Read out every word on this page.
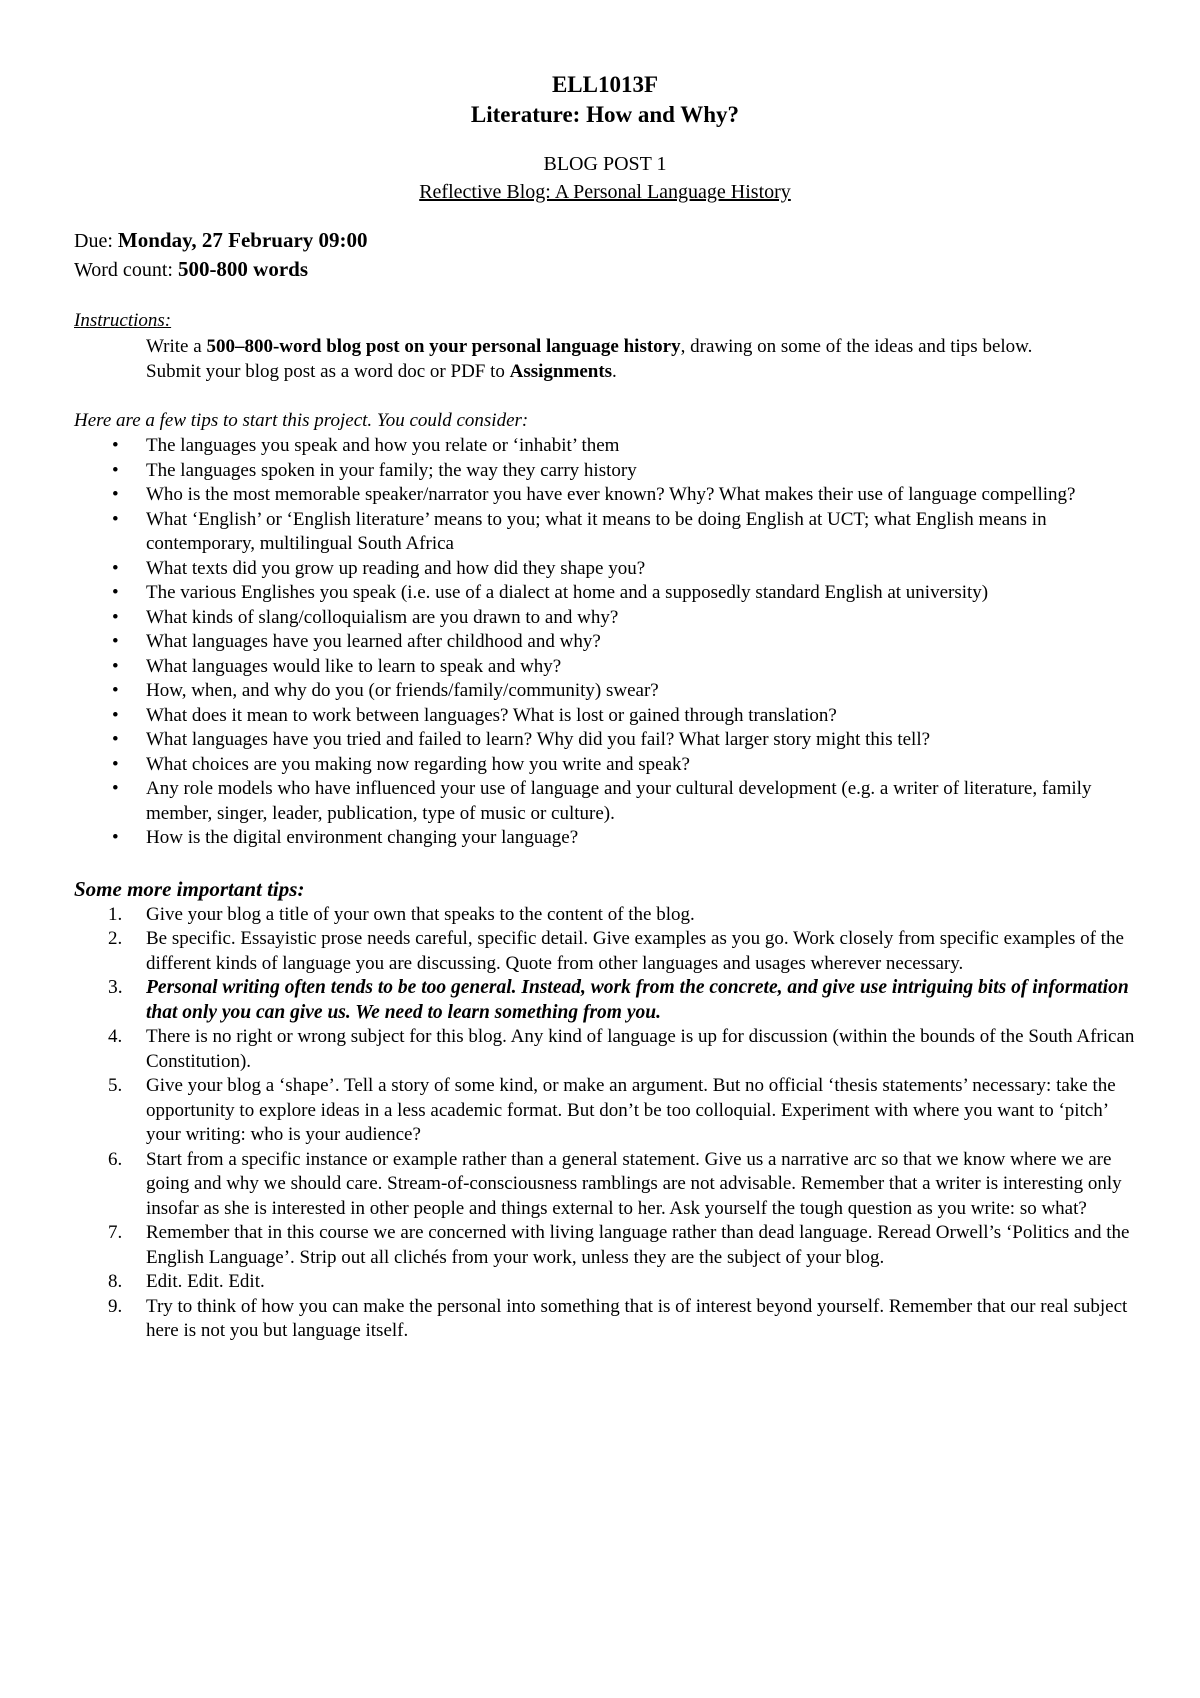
ELL1013F

Literature: How and Why?

BLOG POST 1

Reflective Blog: A Personal Language History

Due: Monday, 27 February 09:00

Word count: 500-800 words

Instructions:

Write a 500–800-word blog post on your personal language history, drawing on some of the ideas and tips below.

Submit your blog post as a word doc or PDF to Assignments.

Here are a few tips to start this project. You could consider:

• The languages you speak and how you relate or ‘inhabit’ them
• The languages spoken in your family; the way they carry history
• Who is the most memorable speaker/narrator you have ever known? Why? What makes their use of language compelling?
• What ‘English’ or ‘English literature’ means to you; what it means to be doing English at UCT; what English means in contemporary, multilingual South Africa
• What texts did you grow up reading and how did they shape you?
• The various Englishes you speak (i.e. use of a dialect at home and a supposedly standard English at university)
• What kinds of slang/colloquialism are you drawn to and why?
• What languages have you learned after childhood and why?
• What languages would like to learn to speak and why?
• How, when, and why do you (or friends/family/community) swear?
• What does it mean to work between languages? What is lost or gained through translation?
• What languages have you tried and failed to learn? Why did you fail? What larger story might this tell?
• What choices are you making now regarding how you write and speak?
• Any role models who have influenced your use of language and your cultural development (e.g. a writer of literature, family member, singer, leader, publication, type of music or culture).
• How is the digital environment changing your language?

Some more important tips:

1. Give your blog a title of your own that speaks to the content of the blog.
2. Be specific. Essayistic prose needs careful, specific detail. Give examples as you go. Work closely from specific examples of the different kinds of language you are discussing. Quote from other languages and usages wherever necessary.
3. Personal writing often tends to be too general. Instead, work from the concrete, and give use intriguing bits of information that only you can give us. We need to learn something from you.
4. There is no right or wrong subject for this blog. Any kind of language is up for discussion (within the bounds of the South African Constitution).
5. Give your blog a ‘shape’. Tell a story of some kind, or make an argument. But no official ‘thesis statements’ necessary: take the opportunity to explore ideas in a less academic format. But don’t be too colloquial. Experiment with where you want to ‘pitch’ your writing: who is your audience?
6. Start from a specific instance or example rather than a general statement. Give us a narrative arc so that we know where we are going and why we should care. Stream-of-consciousness ramblings are not advisable. Remember that a writer is interesting only insofar as she is interested in other people and things external to her. Ask yourself the tough question as you write: so what?
7. Remember that in this course we are concerned with living language rather than dead language. Reread Orwell’s ‘Politics and the English Language’. Strip out all clichés from your work, unless they are the subject of your blog.
8. Edit. Edit. Edit.
9. Try to think of how you can make the personal into something that is of interest beyond yourself. Remember that our real subject here is not you but language itself.
